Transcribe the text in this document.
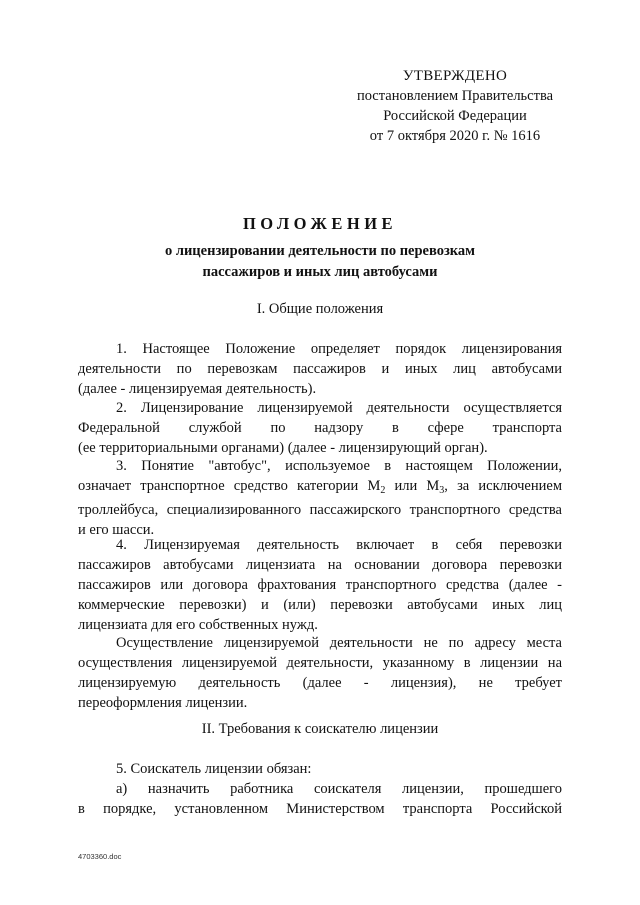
УТВЕРЖДЕНО
постановлением Правительства
Российской Федерации
от 7 октября 2020 г. № 1616
ПОЛОЖЕНИЕ
о лицензировании деятельности по перевозкам
пассажиров и иных лиц автобусами
I. Общие положения
1. Настоящее Положение определяет порядок лицензирования
деятельности по перевозкам пассажиров и иных лиц автобусами
(далее - лицензируемая деятельность).
2. Лицензирование лицензируемой деятельности осуществляется
Федеральной службой по надзору в сфере транспорта
(ее территориальными органами) (далее - лицензирующий орган).
3. Понятие "автобус", используемое в настоящем Положении,
означает транспортное средство категории $М_2$ или $М_3$, за исключением
троллейбуса, специализированного пассажирского транспортного средства
и его шасси.
4. Лицензируемая деятельность включает в себя перевозки
пассажиров автобусами лицензиата на основании договора перевозки
пассажиров или договора фрахтования транспортного средства (далее -
коммерческие перевозки) и (или) перевозки автобусами иных лиц
лицензиата для его собственных нужд.
Осуществление лицензируемой деятельности не по адресу места
осуществления лицензируемой деятельности, указанному в лицензии на
лицензируемую деятельность (далее - лицензия), не требует
переоформления лицензии.
II. Требования к соискателю лицензии
5. Соискатель лицензии обязан:
а) назначить работника соискателя лицензии, прошедшего
в порядке, установленном Министерством транспорта Российской
4703360.doc
